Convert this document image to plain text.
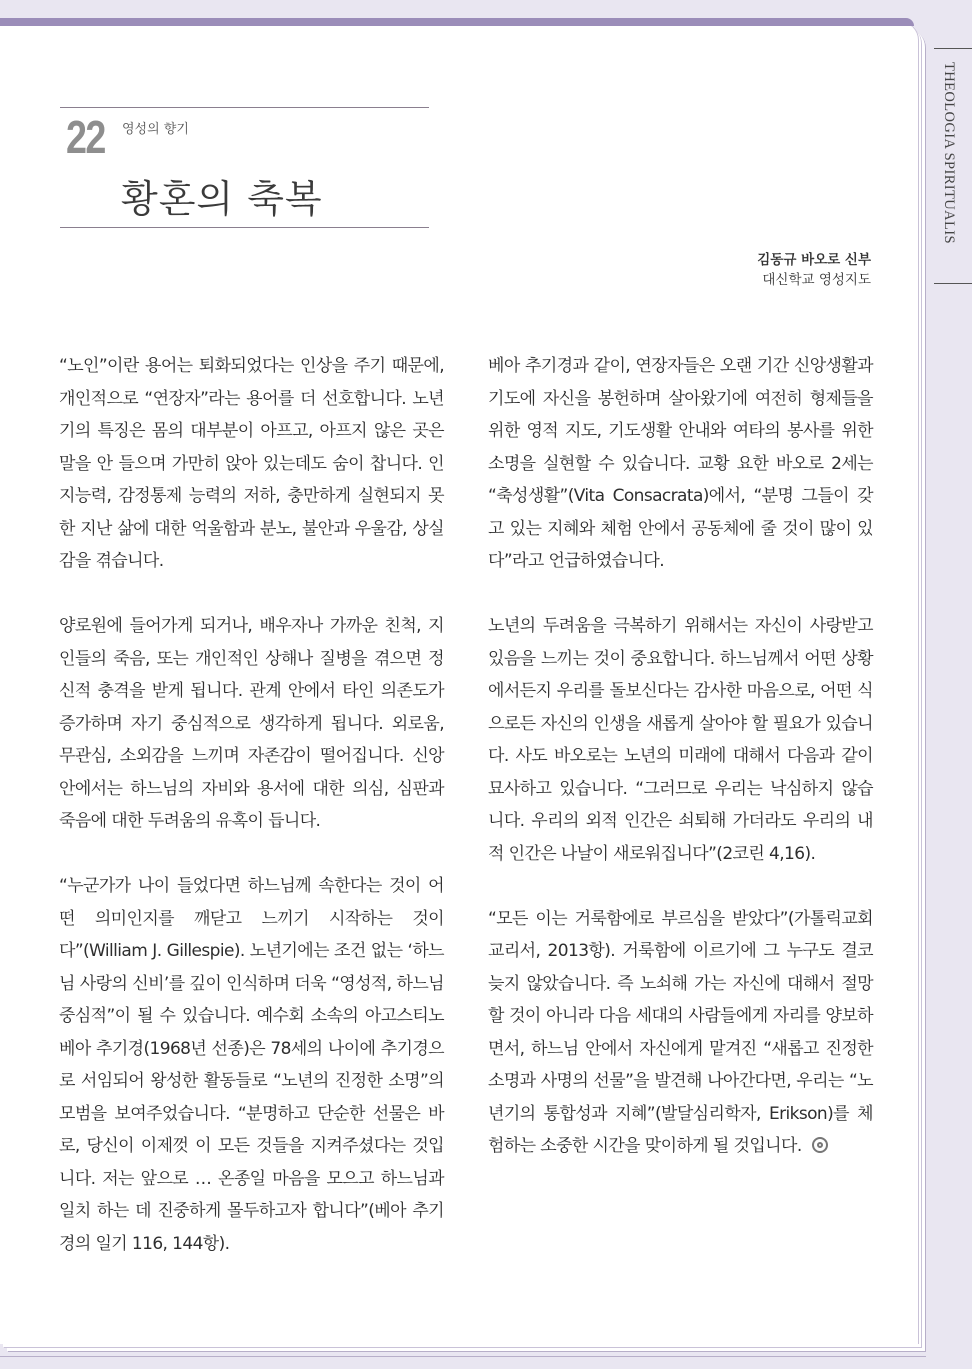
THEOLOGIA SPIRITUALIS
22 영성의 향기
황혼의 축복
김동규 바오로 신부
대신학교 영성지도

“노인”이란 용어는 퇴화되었다는 인상을 주기 때문에, 개인적으로 “연장자”라는 용어를 더 선호합니다. 노년기의 특징은 몸의 대부분이 아프고, 아프지 않은 곳은 말을 안 들으며 가만히 앉아 있는데도 숨이 찹니다. 인지능력, 감정통제 능력의 저하, 충만하게 실현되지 못한 지난 삶에 대한 억울함과 분노, 불안과 우울감, 상실감을 겪습니다.

양로원에 들어가게 되거나, 배우자나 가까운 친척, 지인들의 죽음, 또는 개인적인 상해나 질병을 겪으면 정신적 충격을 받게 됩니다. 관계 안에서 타인 의존도가 증가하며 자기 중심적으로 생각하게 됩니다. 외로움, 무관심, 소외감을 느끼며 자존감이 떨어집니다. 신앙 안에서는 하느님의 자비와 용서에 대한 의심, 심판과 죽음에 대한 두려움의 유혹이 듭니다.

“누군가가 나이 들었다면 하느님께 속한다는 것이 어떤 의미인지를 깨닫고 느끼기 시작하는 것이다”(William J. Gillespie). 노년기에는 조건 없는 ‘하느님 사랑의 신비’를 깊이 인식하며 더욱 “영성적, 하느님 중심적”이 될 수 있습니다. 예수회 소속의 아고스티노 베아 추기경(1968년 선종)은 78세의 나이에 추기경으로 서임되어 왕성한 활동들로 “노년의 진정한 소명”의 모범을 보여주었습니다. “분명하고 단순한 선물은 바로, 당신이 이제껏 이 모든 것들을 지켜주셨다는 것입니다. 저는 앞으로 … 온종일 마음을 모으고 하느님과 일치 하는 데 진중하게 몰두하고자 합니다”(베아 추기경의 일기 116, 144항).

베아 추기경과 같이, 연장자들은 오랜 기간 신앙생활과 기도에 자신을 봉헌하며 살아왔기에 여전히 형제들을 위한 영적 지도, 기도생활 안내와 여타의 봉사를 위한 소명을 실현할 수 있습니다. 교황 요한 바오로 2세는 “축성생활”(Vita Consacrata)에서, “분명 그들이 갖고 있는 지혜와 체험 안에서 공동체에 줄 것이 많이 있다”라고 언급하였습니다.

노년의 두려움을 극복하기 위해서는 자신이 사랑받고 있음을 느끼는 것이 중요합니다. 하느님께서 어떤 상황에서든지 우리를 돌보신다는 감사한 마음으로, 어떤 식으로든 자신의 인생을 새롭게 살아야 할 필요가 있습니다. 사도 바오로는 노년의 미래에 대해서 다음과 같이 묘사하고 있습니다. “그러므로 우리는 낙심하지 않습니다. 우리의 외적 인간은 쇠퇴해 가더라도 우리의 내적 인간은 나날이 새로워집니다”(2코린 4,16).

“모든 이는 거룩함에로 부르심을 받았다”(가톨릭교회 교리서, 2013항). 거룩함에 이르기에 그 누구도 결코 늦지 않았습니다. 즉 노쇠해 가는 자신에 대해서 절망할 것이 아니라 다음 세대의 사람들에게 자리를 양보하면서, 하느님 안에서 자신에게 맡겨진 “새롭고 진정한 소명과 사명의 선물”을 발견해 나아간다면, 우리는 “노년기의 통합성과 지혜”(발달심리학자, Erikson)를 체험하는 소중한 시간을 맞이하게 될 것입니다.
